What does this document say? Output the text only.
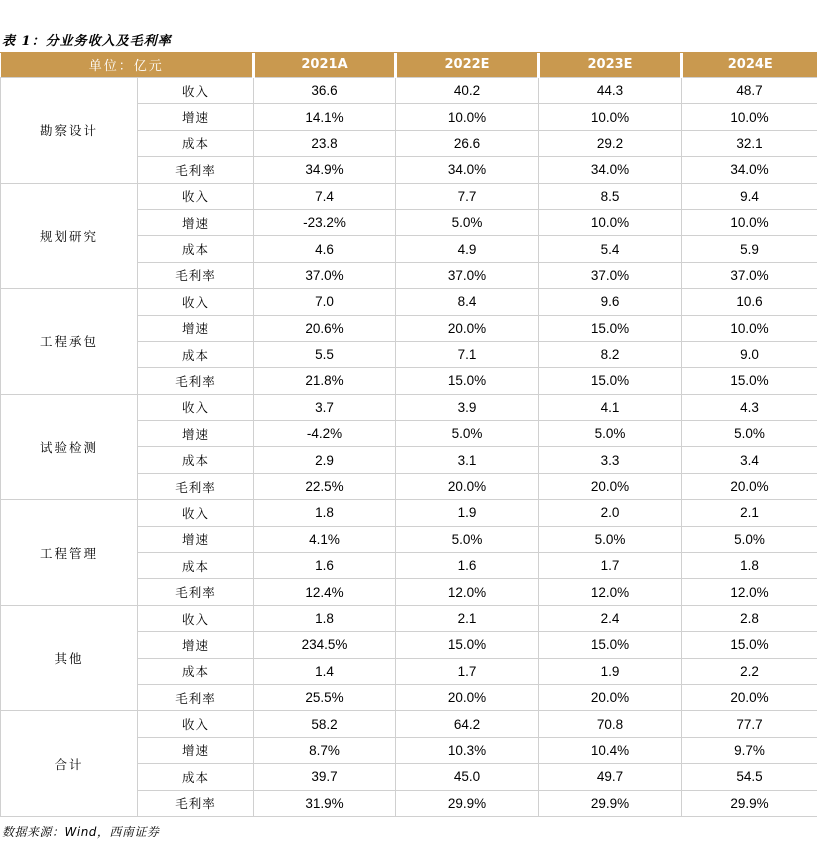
表 1：分业务收入及毛利率
单位：亿元		2021A	2022E	2023E	2024E
勘察设计	收入	36.6	40.2	44.3	48.7
	增速	14.1%	10.0%	10.0%	10.0%
	成本	23.8	26.6	29.2	32.1
	毛利率	34.9%	34.0%	34.0%	34.0%
规划研究	收入	7.4	7.7	8.5	9.4
	增速	-23.2%	5.0%	10.0%	10.0%
	成本	4.6	4.9	5.4	5.9
	毛利率	37.0%	37.0%	37.0%	37.0%
工程承包	收入	7.0	8.4	9.6	10.6
	增速	20.6%	20.0%	15.0%	10.0%
	成本	5.5	7.1	8.2	9.0
	毛利率	21.8%	15.0%	15.0%	15.0%
试验检测	收入	3.7	3.9	4.1	4.3
	增速	-4.2%	5.0%	5.0%	5.0%
	成本	2.9	3.1	3.3	3.4
	毛利率	22.5%	20.0%	20.0%	20.0%
工程管理	收入	1.8	1.9	2.0	2.1
	增速	4.1%	5.0%	5.0%	5.0%
	成本	1.6	1.6	1.7	1.8
	毛利率	12.4%	12.0%	12.0%	12.0%
其他	收入	1.8	2.1	2.4	2.8
	增速	234.5%	15.0%	15.0%	15.0%
	成本	1.4	1.7	1.9	2.2
	毛利率	25.5%	20.0%	20.0%	20.0%
合计	收入	58.2	64.2	70.8	77.7
	增速	8.7%	10.3%	10.4%	9.7%
	成本	39.7	45.0	49.7	54.5
	毛利率	31.9%	29.9%	29.9%	29.9%
数据来源：Wind，西南证券
